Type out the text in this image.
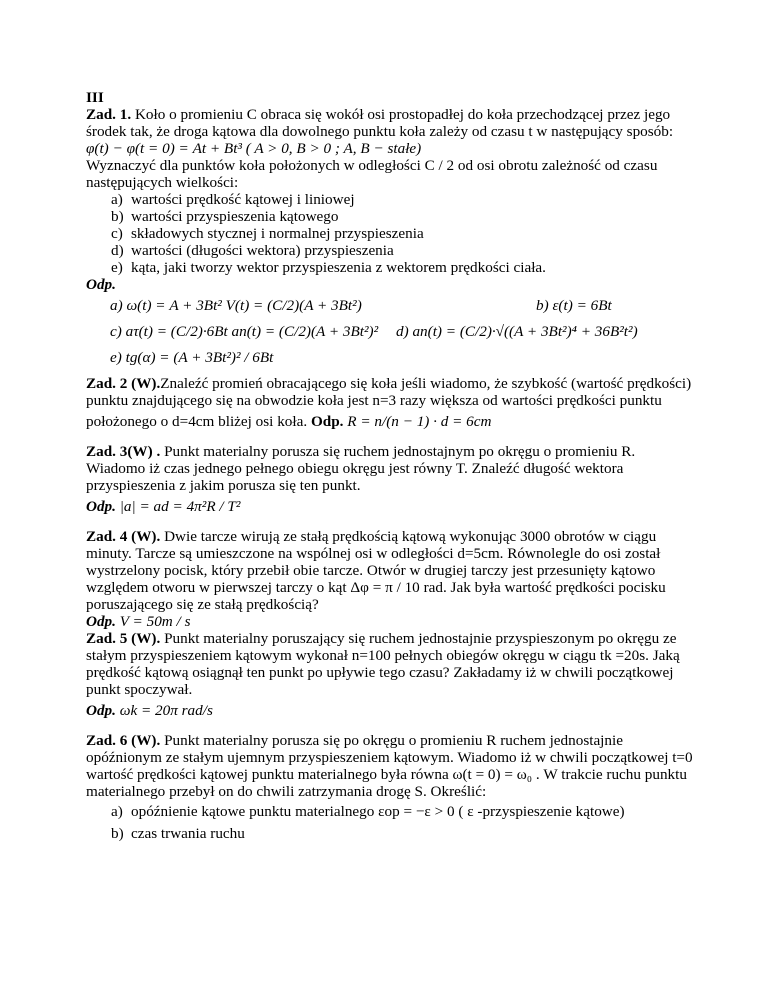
III
Zad. 1. Koło o promieniu C obraca się wokół osi prostopadłej do koła przechodzącej przez jego
środek tak, że droga kątowa dla dowolnego punktu koła zależy od czasu t w następujący sposób:
φ(t) − φ(t = 0) = At + Bt³ ( A > 0, B > 0 ; A, B − stałe)
Wyznaczyć dla punktów koła położonych w odległości C / 2 od osi obrotu zależność od czasu
następujących wielkości:
a) wartości prędkość kątowej i liniowej
b) wartości przyspieszenia kątowego
c) składowych stycznej i normalnej przyspieszenia
d) wartości (długości wektora) przyspieszenia
e) kąta, jaki tworzy wektor przyspieszenia z wektorem prędkości ciała.
Odp.
a) ω(t) = A + 3Bt² V(t) = (C/2)(A + 3Bt²)	b) ε(t) = 6Bt
c) aτ(t) = (C/2)·6Bt an(t) = (C/2)(A + 3Bt²)² d) an(t) = (C/2)·√((A + 3Bt²)⁴ + 36B²t²)
e) tg(α) = (A + 3Bt²)² / 6Bt
Zad. 2 (W).Znaleźć promień obracającego się koła jeśli wiadomo, że szybkość (wartość prędkości)
punktu znajdującego się na obwodzie koła jest n=3 razy większa od wartości prędkości punktu
położonego o d=4cm bliżej osi koła. Odp. R = n/(n − 1) · d = 6cm
Zad. 3(W) . Punkt materialny porusza się ruchem jednostajnym po okręgu o promieniu R.
Wiadomo iż czas jednego pełnego obiegu okręgu jest równy T. Znaleźć długość wektora
przyspieszenia z jakim porusza się ten punkt.
Odp. |a| = ad = 4π²R / T²
Zad. 4 (W). Dwie tarcze wirują ze stałą prędkością kątową wykonując 3000 obrotów w ciągu
minuty. Tarcze są umieszczone na wspólnej osi w odległości d=5cm. Równolegle do osi został
wystrzelony pocisk, który przebił obie tarcze. Otwór w drugiej tarczy jest przesunięty kątowo
względem otworu w pierwszej tarczy o kąt Δφ = π / 10 rad. Jak była wartość prędkości pocisku
poruszającego się ze stałą prędkością?
Odp. V = 50m / s
Zad. 5 (W). Punkt materialny poruszający się ruchem jednostajnie przyspieszonym po okręgu ze
stałym przyspieszeniem kątowym wykonał n=100 pełnych obiegów okręgu w ciągu tk =20s. Jaką
prędkość kątową osiągnął ten punkt po upływie tego czasu? Zakładamy iż w chwili początkowej
punkt spoczywał.
Odp. ωk = 20π rad/s
Zad. 6 (W). Punkt materialny porusza się po okręgu o promieniu R ruchem jednostajnie
opóźnionym ze stałym ujemnym przyspieszeniem kątowym. Wiadomo iż w chwili początkowej t=0
wartość prędkości kątowej punktu materialnego była równa ω(t = 0) = ω₀ . W trakcie ruchu punktu
materialnego przebył on do chwili zatrzymania drogę S. Określić:
a) opóźnienie kątowe punktu materialnego εop = −ε > 0 ( ε -przyspieszenie kątowe)
b) czas trwania ruchu
